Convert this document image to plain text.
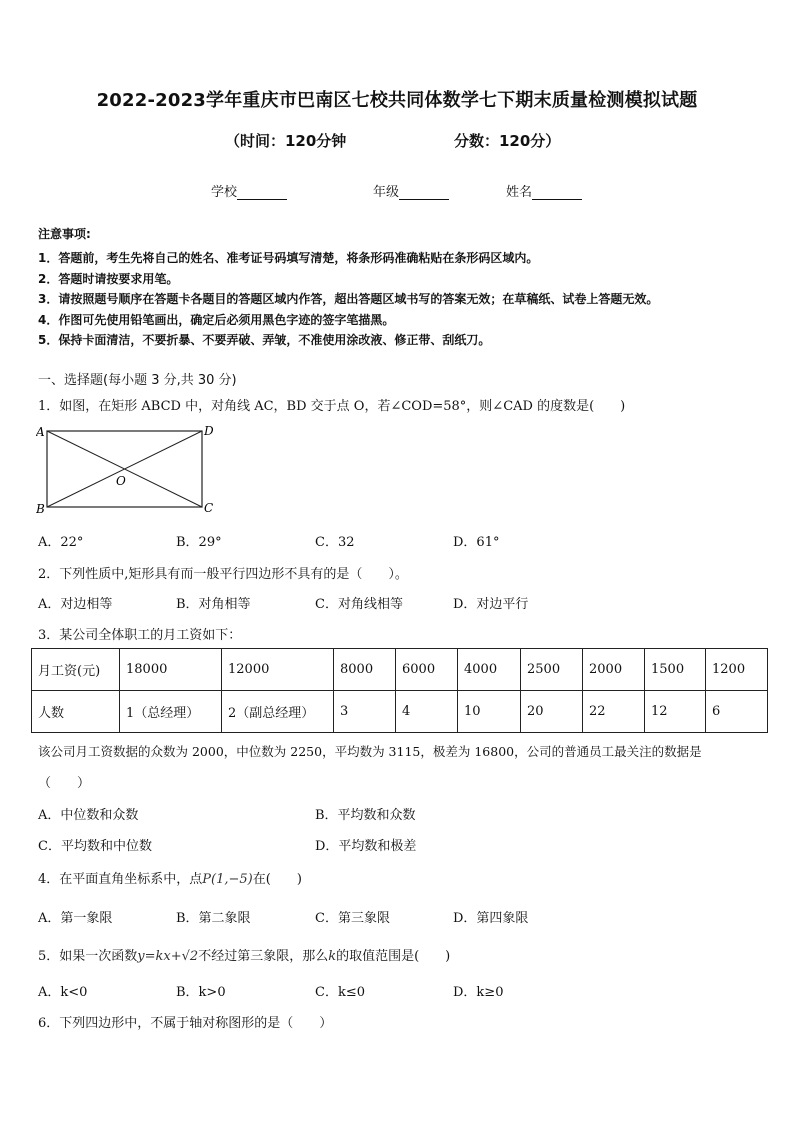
2022-2023学年重庆市巴南区七校共同体数学七下期末质量检测模拟试题
（时间：120分钟	分数：120分）
学校	年级	姓名
注意事项:
1．答题前，考生先将自己的姓名、准考证号码填写清楚，将条形码准确粘贴在条形码区域内。
2．答题时请按要求用笔。
3．请按照题号顺序在答题卡各题目的答题区域内作答，超出答题区域书写的答案无效；在草稿纸、试卷上答题无效。
4．作图可先使用铅笔画出，确定后必须用黑色字迹的签字笔描黑。
5．保持卡面清洁，不要折暴、不要弄破、弄皱，不准使用涂改液、修正带、刮纸刀。
一、选择题(每小题 3 分,共 30 分)
1．如图，在矩形 ABCD 中，对角线 AC，BD 交于点 O，若∠COD=58°，则∠CAD 的度数是(　　)
A	D
B	C
O
A．22°	B．29°	C．32	D．61°
2．下列性质中,矩形具有而一般平行四边形不具有的是（　　）。
A．对边相等	B．对角相等	C．对角线相等	D．对边平行
3．某公司全体职工的月工资如下：
月工资(元)	18000	12000	8000	6000	4000	2500	2000	1500	1200
人数	1（总经理）	2（副总经理）	3	4	10	20	22	12	6
该公司月工资数据的众数为 2000，中位数为 2250，平均数为 3115，极差为 16800，公司的普通员工最关注的数据是
（　　）
A．中位数和众数	B．平均数和众数
C．平均数和中位数	D．平均数和极差
4．在平面直角坐标系中，点P(1,−5)在(　　)
A．第一象限	B．第二象限	C．第三象限	D．第四象限
5．如果一次函数y=kx+√2不经过第三象限，那么k的取值范围是(　　)
A．k<0	B．k>0	C．k≤0	D．k≥0
6．下列四边形中，不属于轴对称图形的是（　　）
